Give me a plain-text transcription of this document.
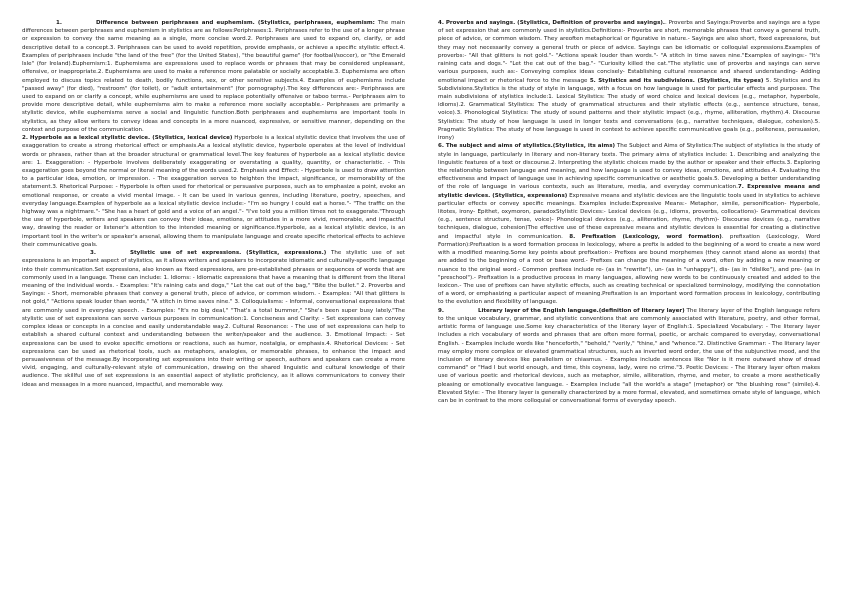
1.	Difference between periphrases and euphemism. (Stylistics, periphrases, euphemism: The main differences between periphrases and euphemism in stylistics are as follows:Periphrases:1. Periphrases refer to the use of a longer phrase or expression to convey the same meaning as a single, more concise word.2. Periphrases are used to expand on, clarify, or add descriptive detail to a concept.3. Periphrases can be used to avoid repetition, provide emphasis, or achieve a specific stylistic effect.4. Examples of periphrases include "the land of the free" (for the United States), "the beautiful game" (for football/soccer), or "the Emerald Isle" (for Ireland).Euphemism:1. Euphemisms are expressions used to replace words or phrases that may be considered unpleasant, offensive, or inappropriate.2. Euphemisms are used to make a reference more palatable or socially acceptable.3. Euphemisms are often employed to discuss topics related to death, bodily functions, sex, or other sensitive subjects.4. Examples of euphemisms include "passed away" (for died), "restroom" (for toilet), or "adult entertainment" (for pornography).The key differences are:- Periphrases are used to expand on or clarify a concept, while euphemisms are used to replace potentially offensive or taboo terms.- Periphrases aim to provide more descriptive detail, while euphemisms aim to make a reference more socially acceptable.- Periphrases are primarily a stylistic device, while euphemisms serve a social and linguistic function.Both periphrases and euphemisms are important tools in stylistics, as they allow writers to convey ideas and concepts in a more nuanced, expressive, or sensitive manner, depending on the context and purpose of the communication.

2. Hyperbole as a lexical stylistic device. (Stylistics, lexical device) Hyperbole is a lexical stylistic device that involves the use of exaggeration to create a strong rhetorical effect or emphasis.As a lexical stylistic device, hyperbole operates at the level of individual words or phrases, rather than at the broader structural or grammatical level.The key features of hyperbole as a lexical stylistic device are: 1. Exaggeration: - Hyperbole involves deliberately exaggerating or overstating a quality, quantity, or characteristic. - This exaggeration goes beyond the normal or literal meaning of the words used.2. Emphasis and Effect: - Hyperbole is used to draw attention to a particular idea, emotion, or impression. - The exaggeration serves to heighten the impact, significance, or memorability of the statement.3. Rhetorical Purpose: - Hyperbole is often used for rhetorical or persuasive purposes, such as to emphasize a point, evoke an emotional response, or create a vivid mental image. - It can be used in various genres, including literature, poetry, speeches, and everyday language.Examples of hyperbole as a lexical stylistic device include:- "I'm so hungry I could eat a horse."- "The traffic on the highway was a nightmare."- "She has a heart of gold and a voice of an angel."- "I've told you a million times not to exaggerate."Through the use of hyperbole, writers and speakers can convey their ideas, emotions, or attitudes in a more vivid, memorable, and impactful way, drawing the reader or listener's attention to the intended meaning or significance.Hyperbole, as a lexical stylistic device, is an important tool in the writer's or speaker's arsenal, allowing them to manipulate language and create specific rhetorical effects to achieve their communicative goals.

3.	Stylistic use of set expressions. (Stylistics, expressions.) The stylistic use of set expressions is an important aspect of stylistics, as it allows writers and speakers to incorporate idiomatic and culturally-specific language into their communication.Set expressions, also known as fixed expressions, are pre-established phrases or sequences of words that are commonly used in a language. These can include: 1. Idioms: - Idiomatic expressions that have a meaning that is different from the literal meaning of the individual words. - Examples: "It's raining cats and dogs," "Let the cat out of the bag," "Bite the bullet." 2. Proverbs and Sayings: - Short, memorable phrases that convey a general truth, piece of advice, or common wisdom. - Examples: "All that glitters is not gold," "Actions speak louder than words," "A stitch in time saves nine." 3. Colloquialisms: - Informal, conversational expressions that are commonly used in everyday speech. - Examples: "It's no big deal," "That's a total bummer," "She's been super busy lately."The stylistic use of set expressions can serve various purposes in communication:1. Conciseness and Clarity: - Set expressions can convey complex ideas or concepts in a concise and easily understandable way.2. Cultural Resonance: - The use of set expressions can help to establish a shared cultural context and understanding between the writer/speaker and the audience. 3. Emotional Impact: - Set expressions can be used to evoke specific emotions or reactions, such as humor, nostalgia, or emphasis.4. Rhetorical Devices: - Set expressions can be used as rhetorical tools, such as metaphors, analogies, or memorable phrases, to enhance the impact and persuasiveness of the message.By incorporating set expressions into their writing or speech, authors and speakers can create a more vivid, engaging, and culturally-relevant style of communication, drawing on the shared linguistic and cultural knowledge of their audience. The skillful use of set expressions is an essential aspect of stylistic proficiency, as it allows communicators to convey their ideas and messages in a more nuanced, impactful, and memorable way.

4. Proverbs and sayings. (Stylistics, Definition of proverbs and sayings).. Proverbs and Sayings:Proverbs and sayings are a type of set expression that are commonly used in stylistics.Definitions:- Proverbs are short, memorable phrases that convey a general truth, piece of advice, or common wisdom. They areoften metaphorical or figurative in nature.- Sayings are also short, fixed expressions, but they may not necessarily convey a general truth or piece of advice. Sayings can be idiomatic or colloquial expressions.Examples of proverbs:- "All that glitters is not gold."- "Actions speak louder than words."- "A stitch in time saves nine."Examples of sayings:- "It's raining cats and dogs."- "Let the cat out of the bag."- "Curiosity killed the cat."The stylistic use of proverbs and sayings can serve various purposes, such as:- Conveying complex ideas concisely- Establishing cultural resonance and shared understanding- Adding emotional impact or rhetorical force to the message 5. Stylistics and its subdivisions. (Stylistics, its types) 5. Stylistics and its Subdivisions.Stylistics is the study of style in language, with a focus on how language is used for particular effects and purposes. The main subdivisions of stylistics include:1. Lexical Stylistics: The study of word choice and lexical devices (e.g., metaphor, hyperbole, idioms).2. Grammatical Stylistics: The study of grammatical structures and their stylistic effects (e.g., sentence structure, tense, voice).3. Phonological Stylistics: The study of sound patterns and their stylistic impact (e.g., rhyme, alliteration, rhythm).4. Discourse Stylistics: The study of how language is used in longer texts and conversations (e.g., narrative techniques, dialogue, cohesion).5. Pragmatic Stylistics: The study of how language is used in context to achieve specific communicative goals (e.g., politeness, persuasion, irony)

6. The subject and aims of stylistics.(Stylistics, its aims) The Subject and Aims of Stylistics:The subject of stylistics is the study of style in language, particularly in literary and non-literary texts. The primary aims of stylistics include: 1. Describing and analyzing the linguistic features of a text or discourse.2. Interpreting the stylistic choices made by the author or speaker and their effects.3. Exploring the relationship between language and meaning, and how language is used to convey ideas, emotions, and attitudes.4. Evaluating the effectiveness and impact of language use in achieving specific communicative or aesthetic goals.5. Developing a better understanding of the role of language in various contexts, such as literature, media, and everyday communication.7. Expressive means and stylistic devices. (Stylistics, expressions) Expressive means and stylistic devices are the linguistic tools used in stylistics to achieve particular effects or convey specific meanings. Examples include:Expressive Means:- Metaphor, simile, personification- Hyperbole, litotes, irony- Epithet, oxymoron, paradoxStylistic Devices:- Lexical devices (e.g., idioms, proverbs, collocations)- Grammatical devices (e.g., sentence structure, tense, voice)- Phonological devices (e.g., alliteration, rhyme, rhythm)- Discourse devices (e.g., narrative techniques, dialogue, cohesion)The effective use of these expressive means and stylistic devices is essential for creating a distinctive and impactful style in communication. 8. Prefixation (Lexicology, word formation). prefixation (Lexicology, Word Formation):Prefixation is a word formation process in lexicology, where a prefix is added to the beginning of a word to create a new word with a modified meaning.Some key points about prefixation:- Prefixes are bound morphemes (they cannot stand alone as words) that are added to the beginning of a root or base word.- Prefixes can change the meaning of a word, often by adding a new meaning or nuance to the original word.- Common prefixes include re- (as in "rewrite"), un- (as in "unhappy"), dis- (as in "dislike"), and pre- (as in "preschool").- Prefixation is a productive process in many languages, allowing new words to be continuously created and added to the lexicon.- The use of prefixes can have stylistic effects, such as creating technical or specialized terminology, modifying the connotation of a word, or emphasizing a particular aspect of meaning.Prefixation is an important word formation process in lexicology, contributing to the evolution and flexibility of language.

9.	Literary layer of the English language.(definition of literary layer) The literary layer of the English language refers to the unique vocabulary, grammar, and stylistic conventions that are commonly associated with literature, poetry, and other formal, artistic forms of language use.Some key characteristics of the literary layer of English:1. Specialized Vocabulary: - The literary layer includes a rich vocabulary of words and phrases that are often more formal, poetic, or archaic compared to everyday, conversational English. - Examples include words like "henceforth," "behold," "verily," "thine," and "whence."2. Distinctive Grammar: - The literary layer may employ more complex or elevated grammatical structures, such as inverted word order, the use of the subjunctive mood, and the inclusion of literary devices like parallelism or chiasmus. - Examples include sentences like "Nor is it mere outward show of dread command" or "Had I but world enough, and time, this coyness, lady, were no crime."3. Poetic Devices: - The literary layer often makes use of various poetic and rhetorical devices, such as metaphor, simile, alliteration, rhyme, and meter, to create a more aesthetically pleasing or emotionally evocative language. - Examples include "all the world's a stage" (metaphor) or "the blushing rose" (simile).4. Elevated Style: - The literary layer is generally characterized by a more formal, elevated, and sometimes ornate style of language, which can be in contrast to the more colloquial or conversational forms of everyday speech.
